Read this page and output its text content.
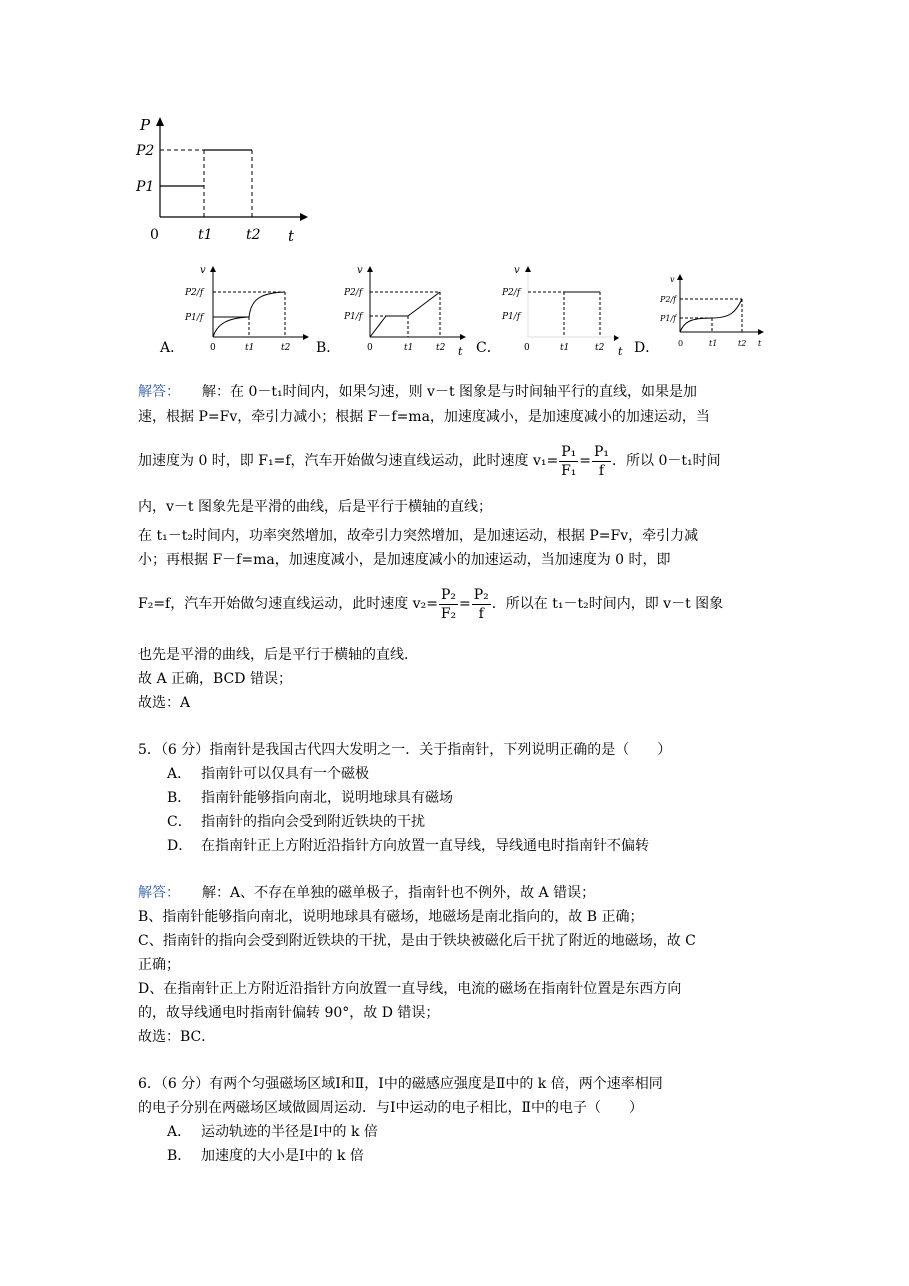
P
P2
P1
0	t1 t2 t
v
P2/f
P1/f
0	t1	t2
A．	B．
v
P2/f
P1/f
0	t1	t2 t C．
v
P2/f
P1/f
0	t1	t2 t D．
v
P2/f
P1/f
0	t1	t2 t
解答： 解：在 0－t₁时间内，如果匀速，则 v－t 图象是与时间轴平行的直线，如果是加
速，根据 P=Fv，牵引力减小；根据 F－f=ma，加速度减小，是加速度减小的加速运动，当
加速度为 0 时，即 F₁=f，汽车开始做匀速直线运动，此时速度 $v_1= \frac{\text{P₁}}{\text{F₁}} = \frac{\text{P₁}}{f}$ ．所以 0－t₁时间
内，v－t 图象先是平滑的曲线，后是平行于横轴的直线；
在 t₁－t₂时间内，功率突然增加，故牵引力突然增加，是加速运动，根据 P=Fv，牵引力减
小；再根据 F－f=ma，加速度减小，是加速度减小的加速运动，当加速度为 0 时，即
F₂=f，汽车开始做匀速直线运动，此时速度 $v_2= \frac{\text{P₂}}{\text{F₂}} = \frac{\text{P₂}}{f}$ ．所以在 t₁－t₂时间内，即 v－t 图象
也先是平滑的曲线，后是平行于横轴的直线．
故 A 正确，BCD 错误；
故选：A
5．（6 分）指南针是我国古代四大发明之一．关于指南针，下列说明正确的是（　　）
A． 指南针可以仅具有一个磁极
B． 指南针能够指向南北，说明地球具有磁场
C． 指南针的指向会受到附近铁块的干扰
D． 在指南针正上方附近沿指针方向放置一直导线，导线通电时指南针不偏转
解答： 解：A、不存在单独的磁单极子，指南针也不例外，故 A 错误；
B、指南针能够指向南北，说明地球具有磁场，地磁场是南北指向的，故 B 正确；
C、指南针的指向会受到附近铁块的干扰，是由于铁块被磁化后干扰了附近的地磁场，故 C
正确；
D、在指南针正上方附近沿指针方向放置一直导线，电流的磁场在指南针位置是东西方向
的，故导线通电时指南针偏转 90°，故 D 错误；
故选：BC．
6．（6 分）有两个匀强磁场区域Ⅰ和Ⅱ，Ⅰ中的磁感应强度是Ⅱ中的 k 倍，两个速率相同
的电子分别在两磁场区域做圆周运动．与Ⅰ中运动的电子相比，Ⅱ中的电子（　　）
A． 运动轨迹的半径是Ⅰ中的 k 倍
B． 加速度的大小是Ⅰ中的 k 倍
